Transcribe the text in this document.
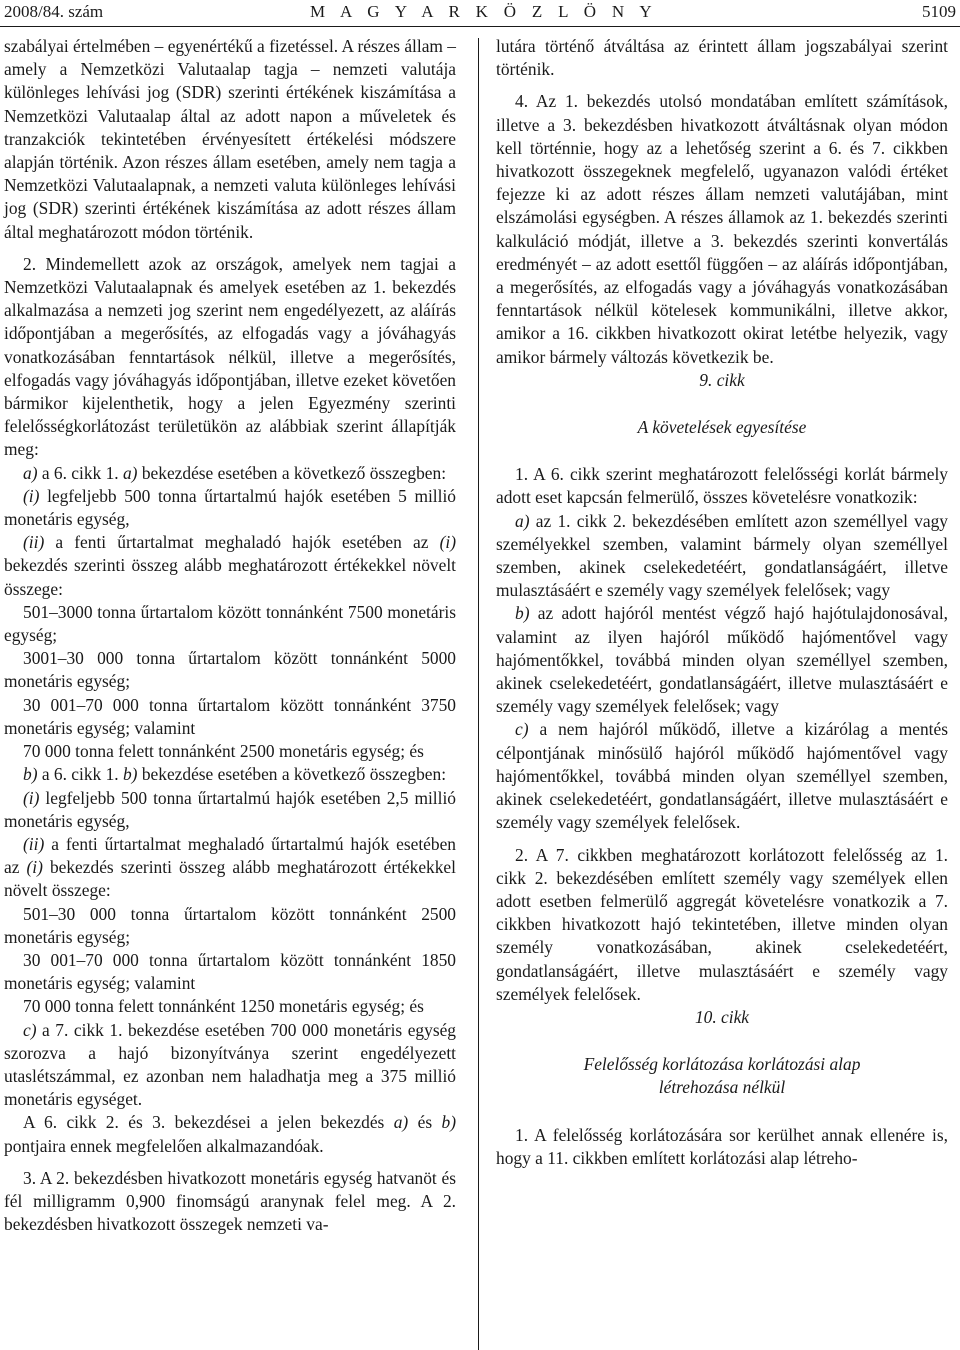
2008/84. szám	M A G Y A R K Ö Z L Ö N Y	5109

szabályai értelmében – egyenértékű a fizetéssel. A részes állam – amely a Nemzetközi Valutaalap tagja – nemzeti valutája különleges lehívási jog (SDR) szerinti értékének kiszámítása a Nemzetközi Valutaalap által az adott napon a műveletek és tranzakciók tekintetében érvényesített értékelési módszere alapján történik. Azon részes állam esetében, amely nem tagja a Nemzetközi Valutaalapnak, a nemzeti valuta különleges lehívási jog (SDR) szerinti értékének kiszámítása az adott részes állam által meghatározott módon történik.

2. Mindemellett azok az országok, amelyek nem tagjai a Nemzetközi Valutaalapnak és amelyek esetében az 1. bekezdés alkalmazása a nemzeti jog szerint nem engedélyezett, az aláírás időpontjában a megerősítés, az elfogadás vagy a jóváhagyás vonatkozásában fenntartások nélkül, illetve a megerősítés, elfogadás vagy jóváhagyás időpontjában, illetve ezeket követően bármikor kijelenthetik, hogy a jelen Egyezmény szerinti felelősségkorlátozást területükön az alábbiak szerint állapítják meg:

a) a 6. cikk 1. a) bekezdése esetében a következő összegben:

(i) legfeljebb 500 tonna űrtartalmú hajók esetében 5 millió monetáris egység,

(ii) a fenti űrtartalmat meghaladó hajók esetében az (i) bekezdés szerinti összeg alább meghatározott értékekkel növelt összege:

501–3000 tonna űrtartalom között tonnánként 7500 monetáris egység;

3001–30 000 tonna űrtartalom között tonnánként 5000 monetáris egység;

30 001–70 000 tonna űrtartalom között tonnánként 3750 monetáris egység; valamint

70 000 tonna felett tonnánként 2500 monetáris egység; és

b) a 6. cikk 1. b) bekezdése esetében a következő összegben:

(i) legfeljebb 500 tonna űrtartalmú hajók esetében 2,5 millió monetáris egység,

(ii) a fenti űrtartalmat meghaladó űrtartalmú hajók esetében az (i) bekezdés szerinti összeg alább meghatározott értékekkel növelt összege:

501–30 000 tonna űrtartalom között tonnánként 2500 monetáris egység;

30 001–70 000 tonna űrtartalom között tonnánként 1850 monetáris egység; valamint

70 000 tonna felett tonnánként 1250 monetáris egység; és

c) a 7. cikk 1. bekezdése esetében 700 000 monetáris egység szorozva a hajó bizonyítványa szerint engedélyezett utaslétszámmal, ez azonban nem haladhatja meg a 375 millió monetáris egységet.

A 6. cikk 2. és 3. bekezdései a jelen bekezdés a) és b) pontjaira ennek megfelelően alkalmazandóak.

3. A 2. bekezdésben hivatkozott monetáris egység hatvanöt és fél milligramm 0,900 finomságú aranynak felel meg. A 2. bekezdésben hivatkozott összegek nemzeti va-

lutára történő átváltása az érintett állam jogszabályai szerint történik.

4. Az 1. bekezdés utolsó mondatában említett számítások, illetve a 3. bekezdésben hivatkozott átváltásnak olyan módon kell történnie, hogy az a lehetőség szerint a 6. és 7. cikkben hivatkozott összegeknek megfelelő, ugyanazon valódi értéket fejezze ki az adott részes állam nemzeti valutájában, mint elszámolási egységben. A részes államok az 1. bekezdés szerinti kalkuláció módját, illetve a 3. bekezdés szerinti konvertálás eredményét – az adott esettől függően – az aláírás időpontjában, a megerősítés, az elfogadás vagy a jóváhagyás vonatkozásában fenntartások nélkül kötelesek kommunikálni, illetve akkor, amikor a 16. cikkben hivatkozott okirat letétbe helyezik, vagy amikor bármely változás következik be.

9. cikk

A követelések egyesítése

1. A 6. cikk szerint meghatározott felelősségi korlát bármely adott eset kapcsán felmerülő, összes követelésre vonatkozik:

a) az 1. cikk 2. bekezdésében említett azon személlyel vagy személyekkel szemben, valamint bármely olyan személlyel szemben, akinek cselekedetéért, gondatlanságáért, illetve mulasztásáért e személy vagy személyek felelősek; vagy

b) az adott hajóról mentést végző hajó hajótulajdonosával, valamint az ilyen hajóról működő hajómentővel vagy hajómentőkkel, továbbá minden olyan személlyel szemben, akinek cselekedetéért, gondatlanságáért, illetve mulasztásáért e személy vagy személyek felelősek; vagy

c) a nem hajóról működő, illetve a kizárólag a mentés célpontjának minősülő hajóról működő hajómentővel vagy hajómentőkkel, továbbá minden olyan személlyel szemben, akinek cselekedetéért, gondatlanságáért, illetve mulasztásáért e személy vagy személyek felelősek.

2. A 7. cikkben meghatározott korlátozott felelősség az 1. cikk 2. bekezdésében említett személy vagy személyek ellen adott esetben felmerülő aggregát követelésre vonatkozik a 7. cikkben hivatkozott hajó tekintetében, illetve minden olyan személy vonatkozásában, akinek cselekedetéért, gondatlanságáért, illetve mulasztásáért e személy vagy személyek felelősek.

10. cikk

Felelősség korlátozása korlátozási alap
létrehozása nélkül

1. A felelősség korlátozására sor kerülhet annak ellenére is, hogy a 11. cikkben említett korlátozási alap létreho-
